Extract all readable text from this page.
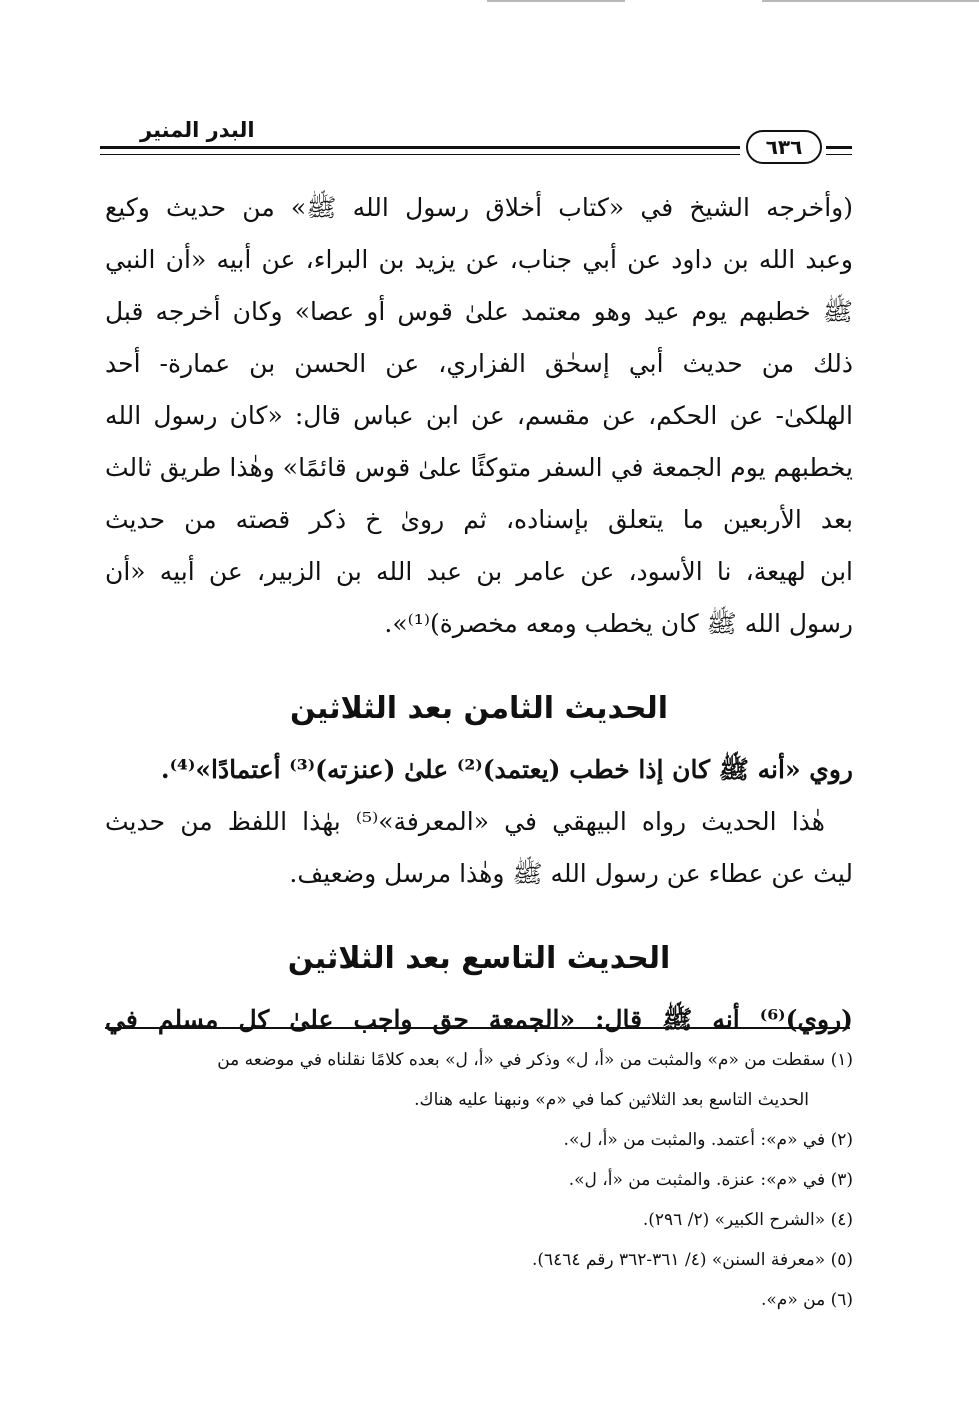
البدر المنير
٦٣٦
(وأخرجه الشيخ في «كتاب أخلاق رسول الله ﷺ» من حديث وكيع
وعبد الله بن داود عن أبي جناب، عن يزيد بن البراء، عن أبيه «أن النبي
ﷺ خطبهم يوم عيد وهو معتمد علىٰ قوس أو عصا» وكان أخرجه قبل
ذلك من حديث أبي إسحٰق الفزاري، عن الحسن بن عمارة- أحد
الهلكىٰ- عن الحكم، عن مقسم، عن ابن عباس قال: «كان رسول الله
يخطبهم يوم الجمعة في السفر متوكئًا علىٰ قوس قائمًا» وهٰذا طريق ثالث
بعد الأربعين ما يتعلق بإسناده، ثم روىٰ خ ذكر قصته من حديث
ابن لهيعة، نا الأسود، عن عامر بن عبد الله بن الزبير، عن أبيه «أن
رسول الله ﷺ كان يخطب ومعه مخصرة)⁽¹⁾».
الحديث الثامن بعد الثلاثين
روي «أنه ﷺ كان إذا خطب (يعتمد)⁽²⁾ علىٰ (عنزته)⁽³⁾ أعتمادًا»⁽⁴⁾.
هٰذا الحديث رواه البيهقي في «المعرفة»⁽⁵⁾ بهٰذا اللفظ من حديث
ليث عن عطاء عن رسول الله ﷺ وهٰذا مرسل وضعيف.
الحديث التاسع بعد الثلاثين
(روي)⁽⁶⁾ أنه ﷺ قال: «الجمعة حق واجب علىٰ كل مسلم في
(١) سقطت من «م» والمثبت من «أ، ل» وذكر في «أ، ل» بعده كلامًا نقلناه في موضعه من
الحديث التاسع بعد الثلاثين كما في «م» ونبهنا عليه هناك.
(٢) في «م»: أعتمد. والمثبت من «أ، ل».
(٣) في «م»: عنزة. والمثبت من «أ، ل».
(٤) «الشرح الكبير» (٢/ ٢٩٦).
(٥) «معرفة السنن» (٤/ ٣٦١-٣٦٢ رقم ٦٤٦٤).
(٦) من «م».
